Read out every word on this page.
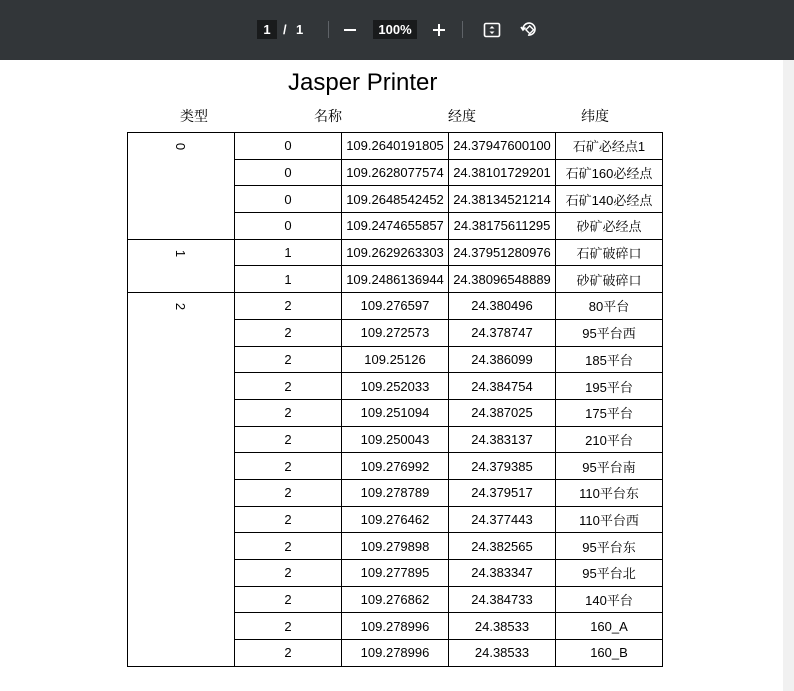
1 / 1	100%
Jasper Printer
类型	名称	经度	纬度
0	0	109.2640191805	24.37947600100	石矿必经点1
	0	109.2628077574	24.38101729201	石矿160必经点
	0	109.2648542452	24.38134521214	石矿140必经点
	0	109.2474655857	24.38175611295	砂矿必经点
1	1	109.2629263303	24.37951280976	石矿破碎口
	1	109.2486136944	24.38096548889	砂矿破碎口
2	2	109.276597	24.380496	80平台
	2	109.272573	24.378747	95平台西
	2	109.25126	24.386099	185平台
	2	109.252033	24.384754	195平台
	2	109.251094	24.387025	175平台
	2	109.250043	24.383137	210平台
	2	109.276992	24.379385	95平台南
	2	109.278789	24.379517	110平台东
	2	109.276462	24.377443	110平台西
	2	109.279898	24.382565	95平台东
	2	109.277895	24.383347	95平台北
	2	109.276862	24.384733	140平台
	2	109.278996	24.38533	160_A
	2	109.278996	24.38533	160_B
